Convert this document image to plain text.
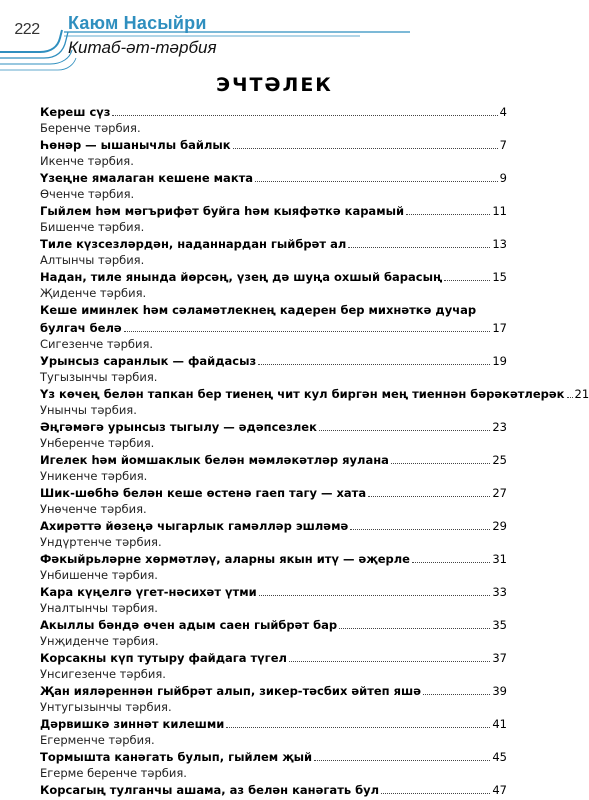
222	Каюм Насыйри
Китаб-әт-тәрбия
ЭЧТӘЛЕК
Кереш сүз	4
Беренче тәрбия.
Һөнәр — ышанычлы байлык	7
Икенче тәрбия.
Үзеңне ямалаган кешене макта	9
Өченче тәрбия.
Гыйлем һәм мәгърифәт буйга һәм кыяфәткә карамый	11
Бишенче тәрбия.
Тиле күзсезләрдән, наданнардан гыйбрәт ал	13
Алтынчы тәрбия.
Надан, тиле янында йөрсәң, үзең дә шуңа охшый барасың	15
Җиденче тәрбия.
Кеше иминлек һәм сәламәтлекнең кадерен бер михнәткә дучар
булгач белә	17
Сигезенче тәрбия.
Урынсыз саранлык — файдасыз	19
Тугызынчы тәрбия.
Үз көчең белән тапкан бер тиенең чит кул биргән мең тиеннән бәрәкәтлерәк 21
Унынчы тәрбия.
Әңгәмәгә урынсыз тыгылу — әдәпсезлек	23
Унберенче тәрбия.
Игелек һәм йомшаклык белән мәмләкәтләр яулана	25
Уникенче тәрбия.
Шик-шөбһә белән кеше өстенә гаеп тагу — хата	27
Унөченче тәрбия.
Ахирәттә йөзеңә чыгарлык гамәлләр эшләмә	29
Ундүртенче тәрбия.
Фәкыйрьләрне хөрмәтләү, аларны якын итү — әҗерле	31
Унбишенче тәрбия.
Кара күңелгә үгет-нәсихәт үтми	33
Уналтынчы тәрбия.
Акыллы бәндә өчен адым саен гыйбрәт бар	35
Унҗиденче тәрбия.
Корсакны күп тутыру файдага түгел	37
Унсигезенче тәрбия.
Җан ияләреннән гыйбрәт алып, зикер-тәсбих әйтеп яшә	39
Унтугызынчы тәрбия.
Дәрвишкә зиннәт килешми	41
Егерменче тәрбия.
Тормышта канәгать булып, гыйлем җый	45
Егерме беренче тәрбия.
Корсагың тулганчы ашама, аз белән канәгать бул	47
